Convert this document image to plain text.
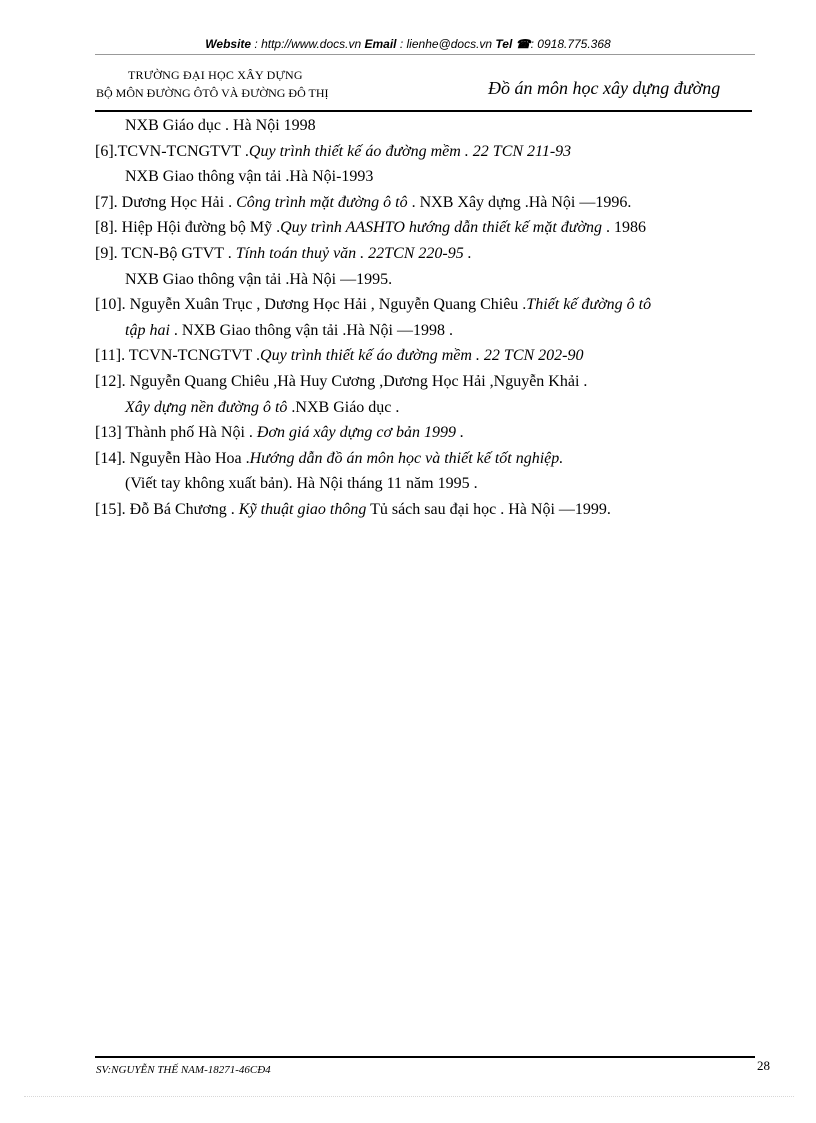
Website : http://www.docs.vn Email : lienhe@docs.vn Tel ☎: 0918.775.368
TRƯỜNG ĐẠI HỌC XÂY DỰNG
BỘ MÔN ĐƯỜNG ÔTÔ VÀ ĐƯỜNG ĐÔ THỊ	Đồ án môn học xây dựng đường
NXB Giáo dục . Hà Nội 1998
[6].TCVN-TCNGTVT .Quy trình thiết kế áo đường mềm . 22 TCN 211-93
NXB Giao thông vận tải .Hà Nội-1993
[7]. Dương Học Hải . Công trình mặt đường ô tô . NXB Xây dựng .Hà Nội —1996.
[8]. Hiệp Hội đường bộ Mỹ .Quy trình AASHTO hướng dẫn thiết kế mặt đường . 1986
[9]. TCN-Bộ GTVT . Tính toán thuỷ văn . 22TCN 220-95 .
NXB Giao thông vận tải .Hà Nội —1995.
[10]. Nguyễn Xuân Trục , Dương Học Hải , Nguyễn Quang Chiêu .Thiết kế đường ô tô
tập hai . NXB Giao thông vận tải .Hà Nội —1998 .
[11]. TCVN-TCNGTVT .Quy trình thiết kế áo đường mềm . 22 TCN 202-90
[12]. Nguyễn Quang Chiêu ,Hà Huy Cương ,Dương Học Hải ,Nguyễn Khải .
Xây dựng nền đường ô tô .NXB Giáo dục .
[13] Thành phố Hà Nội . Đơn giá xây dựng cơ bản 1999 .
[14]. Nguyễn Hào Hoa .Hướng dẫn đồ án môn học và thiết kế tốt nghiệp.
(Viết tay không xuất bản). Hà Nội tháng 11 năm 1995 .
[15]. Đỗ Bá Chương . Kỹ thuật giao thông Tủ sách sau đại học . Hà Nội —1999.
SV:NGUYỄN THẾ NAM-18271-46CĐ4	28
